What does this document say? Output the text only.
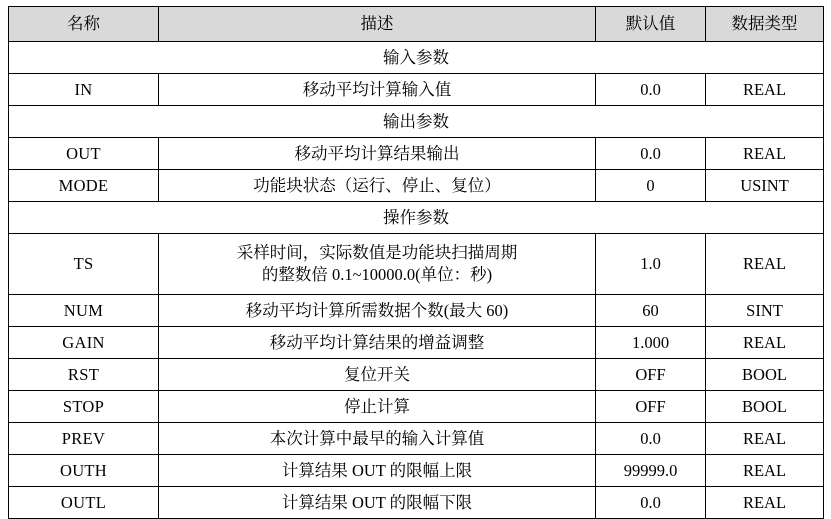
名称	描述	默认值	数据类型
输入参数			
IN	移动平均计算输入值	0.0	REAL
输出参数			
OUT	移动平均计算结果输出	0.0	REAL
MODE	功能块状态（运行、停止、复位）	0	USINT
操作参数			
TS	采样时间，实际数值是功能块扫描周期
的整数倍 0.1~10000.0(单位：秒)	1.0	REAL
NUM	移动平均计算所需数据个数(最大 60)	60	SINT
GAIN	移动平均计算结果的增益调整	1.000	REAL
RST	复位开关	OFF	BOOL
STOP	停止计算	OFF	BOOL
PREV	本次计算中最早的输入计算值	0.0	REAL
OUTH	计算结果 OUT 的限幅上限	99999.0	REAL
OUTL	计算结果 OUT 的限幅下限	0.0	REAL
